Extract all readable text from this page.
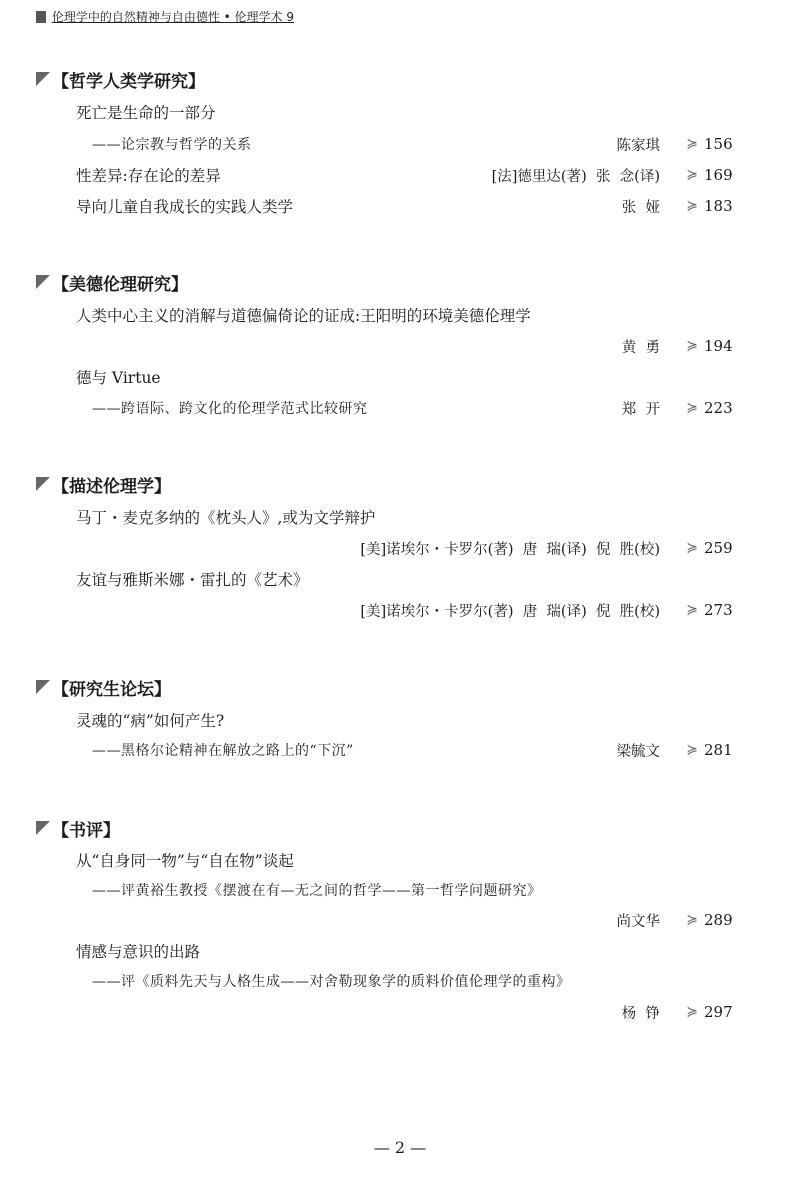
伦理学中的自然精神与自由德性 • 伦理学术 9
【哲学人类学研究】
死亡是生命的一部分
——论宗教与哲学的关系	陈家琪 ≽ 156
性差异:存在论的差异	[法]德里达(著)  张  念(译) ≽ 169
导向儿童自我成长的实践人类学	张  娅 ≽ 183
【美德伦理研究】
人类中心主义的消解与道德偏倚论的证成:王阳明的环境美德伦理学
黄  勇 ≽ 194
德与 Virtue
——跨语际、跨文化的伦理学范式比较研究	郑  开 ≽ 223
【描述伦理学】
马丁・麦克多纳的《枕头人》,或为文学辩护
[美]诺埃尔・卡罗尔(著)  唐  瑞(译)  倪  胜(校) ≽ 259
友谊与雅斯米娜・雷扎的《艺术》
[美]诺埃尔・卡罗尔(著)  唐  瑞(译)  倪  胜(校) ≽ 273
【研究生论坛】
灵魂的“病”如何产生?
——黑格尔论精神在解放之路上的“下沉”	梁毓文 ≽ 281
【书评】
从“自身同一物”与“自在物”谈起
——评黄裕生教授《摆渡在有—无之间的哲学——第一哲学问题研究》
尚文华 ≽ 289
情感与意识的出路
——评《质料先天与人格生成——对舍勒现象学的质料价值伦理学的重构》
杨  铮 ≽ 297
— 2 —
